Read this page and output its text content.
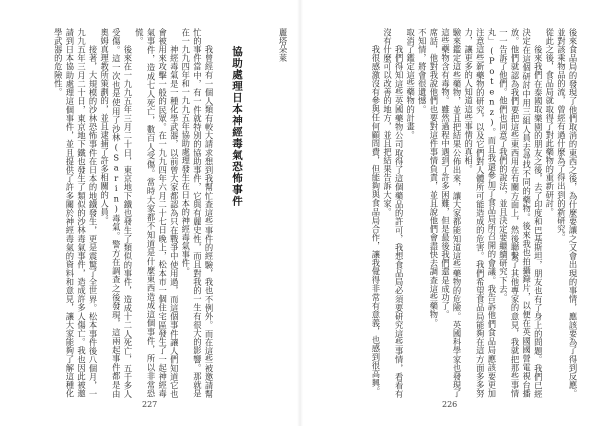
後來食品局的發現了他們取消的東西之後，為什麼要讓之又會出現的事情，應該要為了得到反應。並對該乘物品的流，曾經有過什麼為了得出到的新研究。

從此之後，食品局就取得了對此藥物的重新研討。

後來我們在泰國取樂園的朋友之後，去了印度和巴基斯坦，朋友也有了身上的問題。我們已經決定在這個研討中用三組人員去尋找不同的藥物。後來我也拍攝錄片，以便在英國國營電視台播放。他們就認為我們要把這些東西用在有關方面上，然後聯繫了其他專家的意見，我就把那些事情一一告訴了他們。他們也同意了我們的說法，並且決定要繼續研究下去。

丸」(Potenz)。而且我還參加了食品局所召開的會議。我告訴他們食品局應該要更加注意這些新藥物的研究，以及它們對人體所可能造成的危害。我們希望食品局能夠在這方面多多努力，讓更多的人知道這些事情的真相。

驗來鑑定這些藥物，並且把結果公佈出來，讓大家都能知道這些藥物的危險。英國科學家也發現了這些藥物含有毒物。雖然過程中遇到了許多困難，但是最後我們還是成功了。

席話，他對我說他們也要對這件事情負責，並且說他們會盡快去調查這些藥物。

不知情，將會很遺憾。

取消了鑑定這些藥物的計畫。

我們得知這些英國藥物公司取得了這個藥品的許可，我想食品局必須要研究這些事情，看看有沒有什麼可以改善的地方，並且把結果告訴大家。

我很感激沒有參與任何顧問費，但能夠與食品局合作，讓我覺得非常有意義，也感到很高興。

226
麗塔朵萊
協助處理日本神經毒氣恐怖事件

我曾經有一個人類有較大請求想到我幫忙查這些事件的經驗，我也不例外。而在這些被邀請幫忙的事件當中，有一件就特別的協助事件，它與有麗史性，而且對我的一生有很大的影響。那就是在一九九四年和一九九五年協助處理發生在日本的神經毒氣事件。

神經毒氣是一種化學武器，以前曾大家都認為只在戰爭中使用過，而這個事件讓人們知道它也會被用來攻擊一般的民眾。在一九九四年六月二十七日晚上，松本市一個住宅區發生了一起神經毒氣事件，造成七人死亡，數百人受傷。當時大家都不知道是什麼東西造成這個事件，所以非常恐慌。

後來在一九九五年三月二十日，東京地下鐵也發生了類似的事件，造成十二人死亡，五千多人受傷。這一次也是使用了沙林(Sarin)毒氣。警方在調查之後發現，這兩起事件都是由奧姆真理教所策劃的，並且逮捕了許多相關的人員。

接著，大規模的沙林恐怖事件在日本的地鐵發生，更是震驚了全世界。松本事件後八個月，一九九五年三月二十日，東京地下鐵也發生了類似的沙林毒氣事件，造成許多人傷亡。我也因此被邀請到日本協助處理這個事件，並且提供了許多關於神經毒氣的資料和意見，讓大家能夠了解這種化學武器的危險性。

227
